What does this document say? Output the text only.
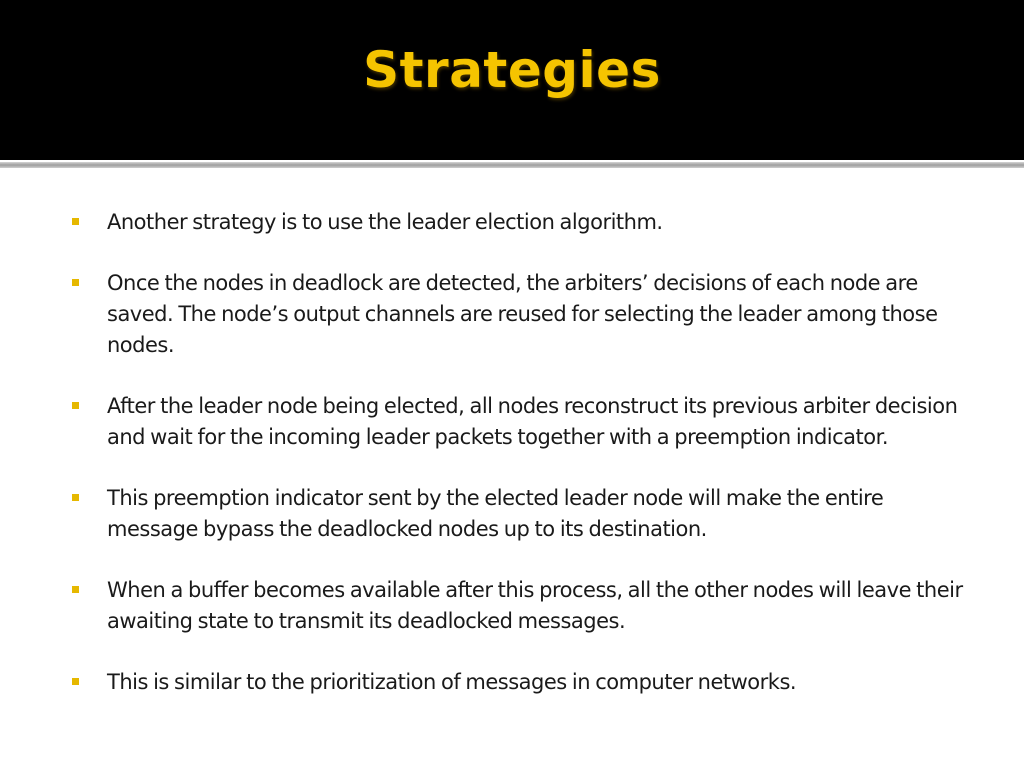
Strategies
Another strategy is to use the leader election algorithm.
Once the nodes in deadlock are detected, the arbiters’ decisions of each node are saved. The node’s output channels are reused for selecting the leader among those nodes.
After the leader node being elected, all nodes reconstruct its previous arbiter decision and wait for the incoming leader packets together with a preemption indicator.
This preemption indicator sent by the elected leader node will make the entire message bypass the deadlocked nodes up to its destination.
When a buffer becomes available after this process, all the other nodes will leave their awaiting state to transmit its deadlocked messages.
This is similar to the prioritization of messages in computer networks.
